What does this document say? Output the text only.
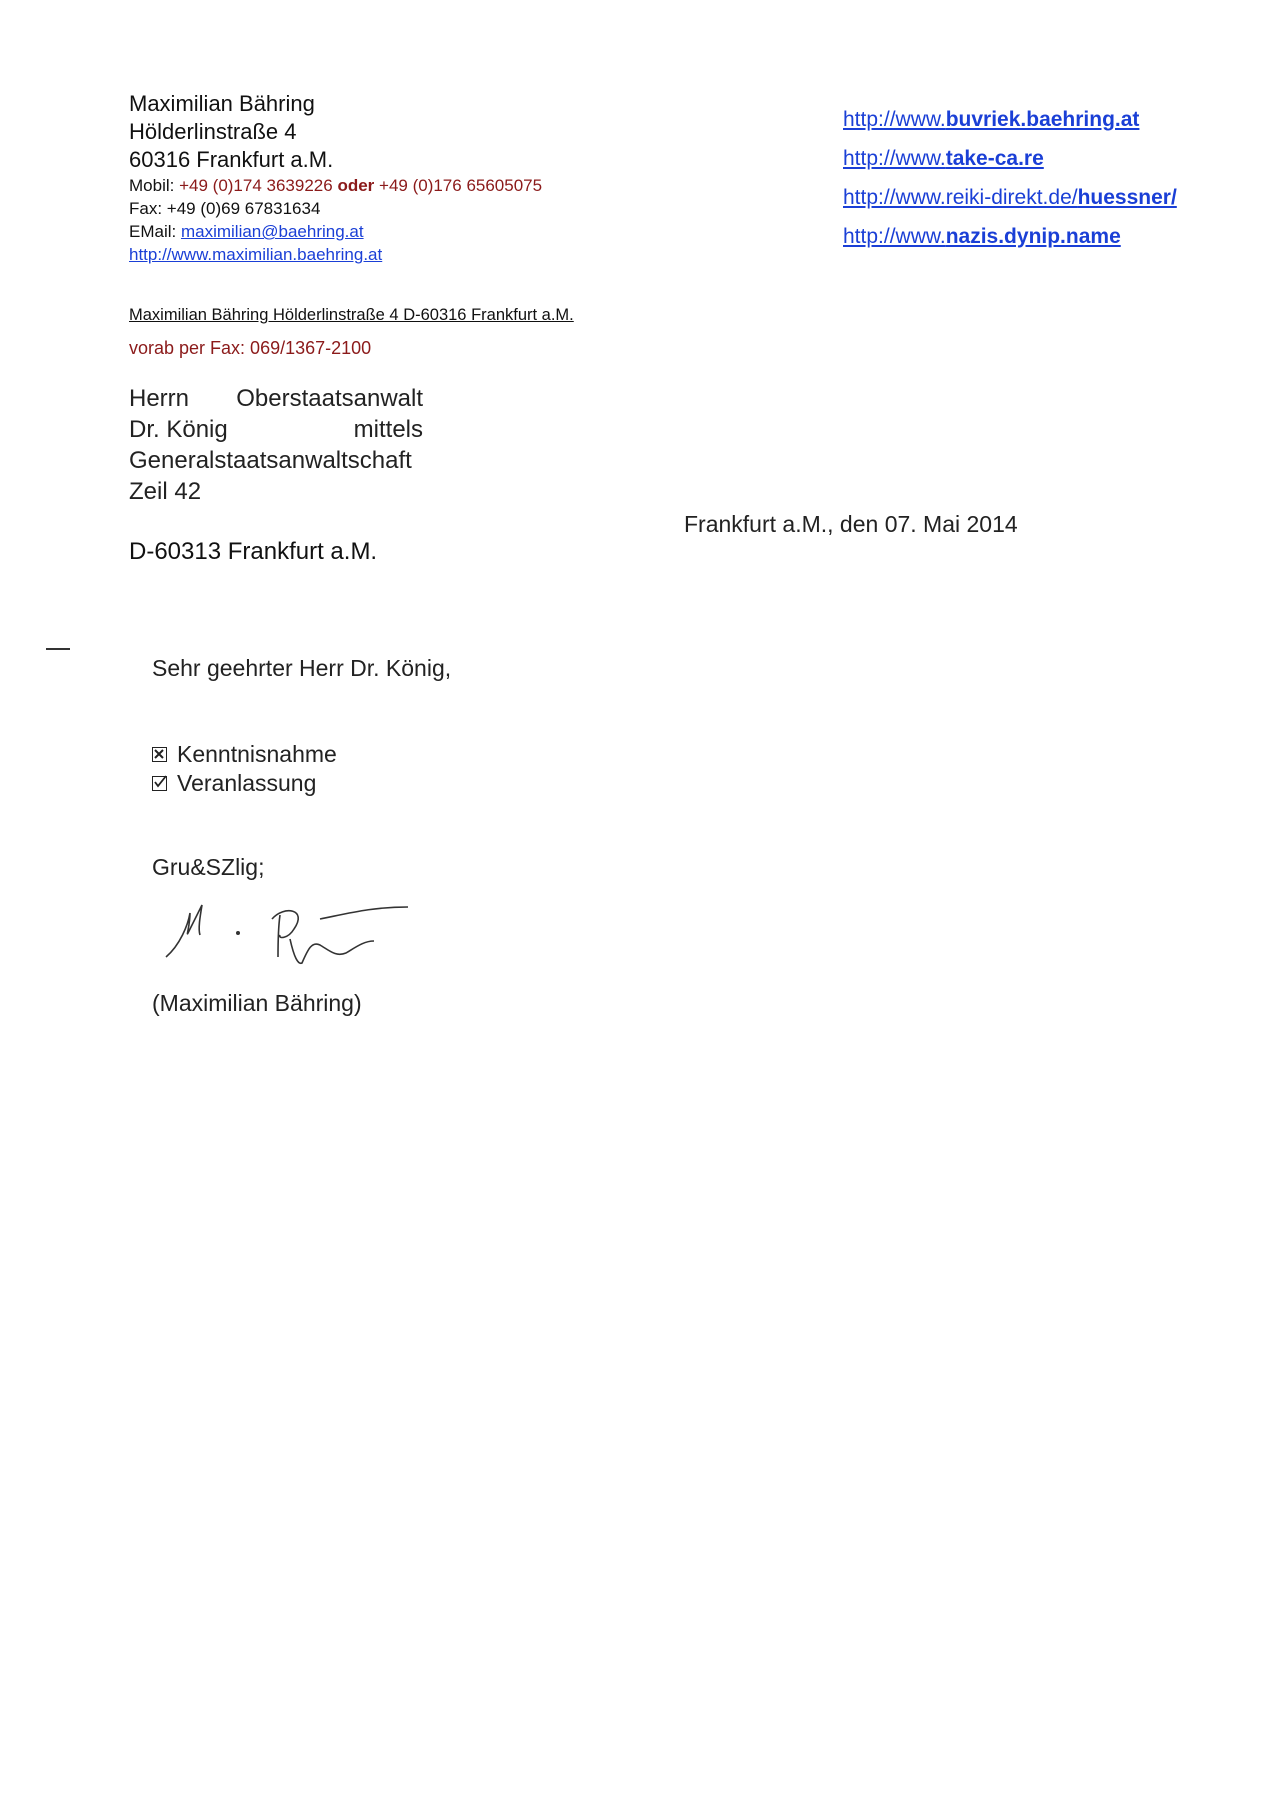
Maximilian Bähring
Hölderlinstraße 4
60316 Frankfurt a.M.
Mobil: +49 (0)174 3639226 oder +49 (0)176 65605075
Fax: +49 (0)69 67831634
EMail: maximilian@baehring.at
http://www.maximilian.baehring.at
http://www.buvriek.baehring.at
http://www.take-ca.re
http://www.reiki-direkt.de/huessner/
http://www.nazis.dynip.name
Maximilian Bähring Hölderlinstraße 4 D-60316 Frankfurt a.M.
vorab per Fax: 069/1367-2100
Herrn Oberstaatsanwalt
Dr. König	mittels
Generalstaatsanwaltschaft
Zeil 42
Frankfurt a.M., den 07. Mai 2014
D-60313 Frankfurt a.M.
Sehr geehrter Herr Dr. König,
Kenntnisnahme
Veranlassung
Gru&SZlig;
(Maximilian Bähring)
